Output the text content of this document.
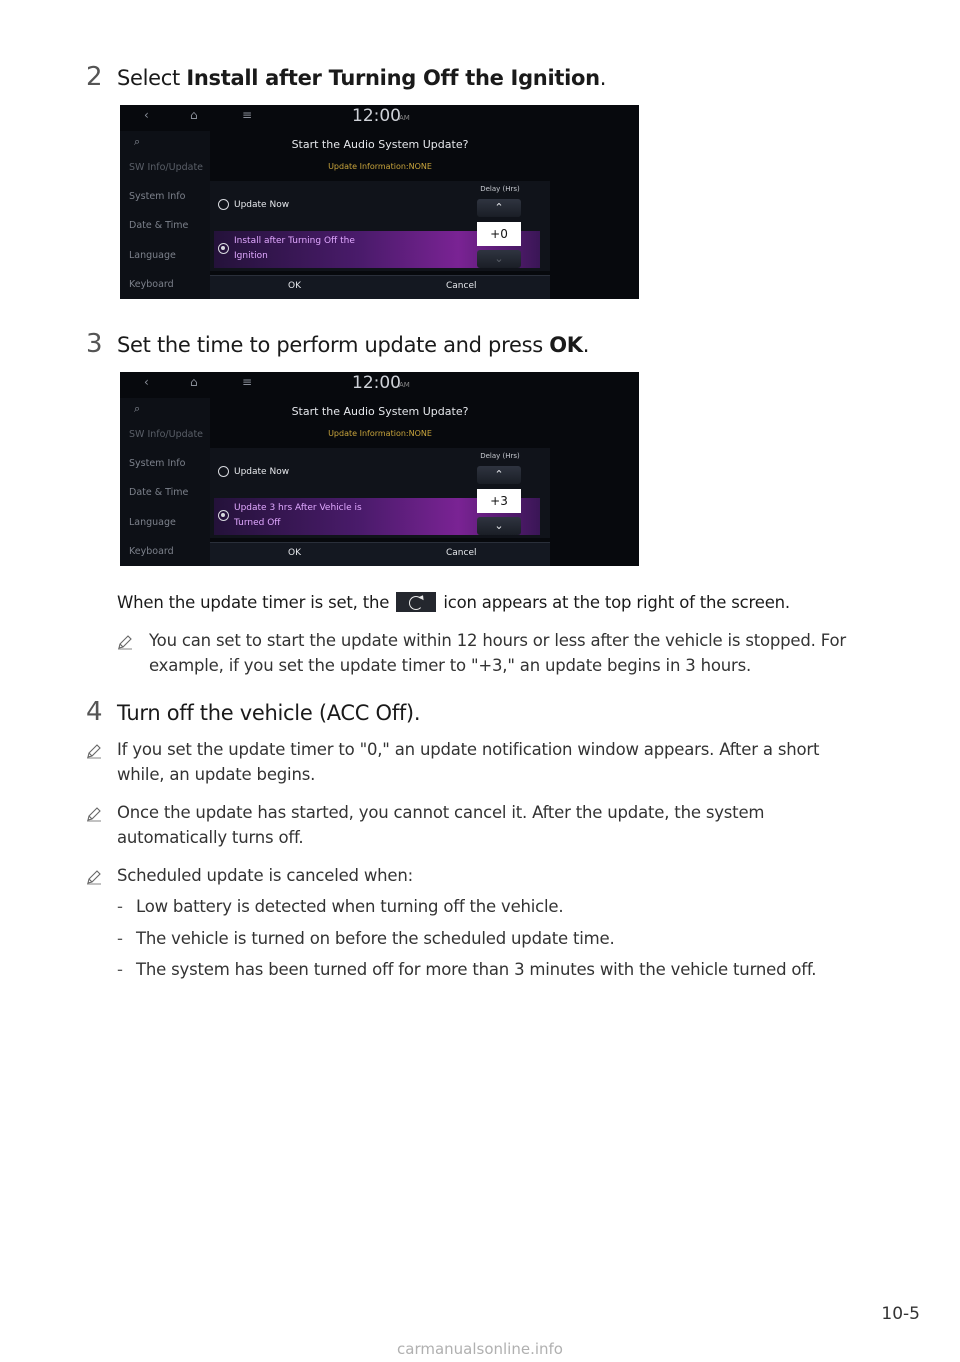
2 Select Install after Turning Off the Ignition.
‹	⌂	≡	12:00
AM
⌕
SW Info/Update
System Info
Date & Time
Language
Keyboard
Start the Audio System Update?
Update Information:NONE
Update Now
Install after Turning Off the
Ignition
Delay (Hrs)
⌃
+0
⌄
OK	Cancel
3 Set the time to perform update and press OK.
‹	⌂	≡	12:00
AM
⌕
SW Info/Update
System Info
Date & Time
Language
Keyboard
Start the Audio System Update?
Update Information:NONE
Update Now
Update 3 hrs After Vehicle is
Turned Off
Delay (Hrs)
⌃
+3
⌄
OK	Cancel
When the update timer is set, the	icon appears at the top right of the screen.
You can set to start the update within 12 hours or less after the vehicle is stopped. For
example, if you set the update timer to "+3," an update begins in 3 hours.
4 Turn off the vehicle (ACC Off).
If you set the update timer to "0," an update notification window appears. After a short
while, an update begins.
Once the update has started, you cannot cancel it. After the update, the system
automatically turns off.
Scheduled update is canceled when:
- Low battery is detected when turning off the vehicle.
- The vehicle is turned on before the scheduled update time.
- The system has been turned off for more than 3 minutes with the vehicle turned off.
10-5
carmanualsonline.info
